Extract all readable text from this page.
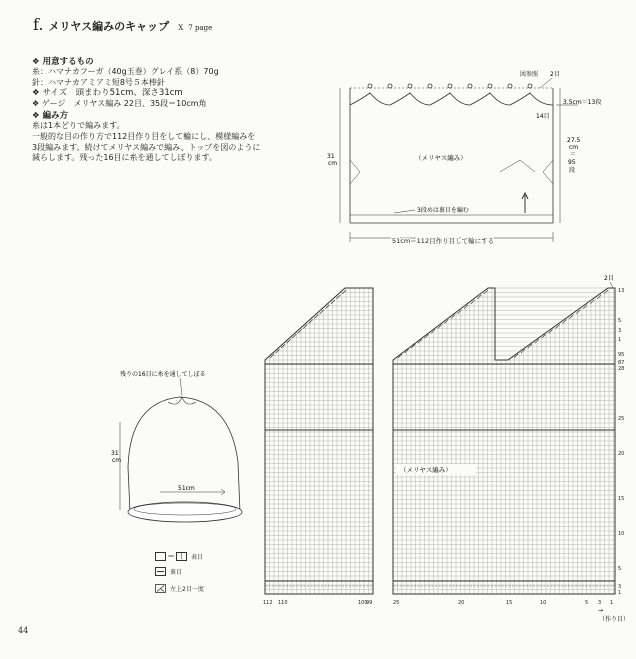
f. メリヤス編みのキャップ Ⅹ 7 page
❖ 用意するもの
糸：ハマナカフーガ（40g玉巻）グレイ系（8）70g
針：ハマナカアミアミ短8号５本棒針
❖ サイズ　頭まわり51cm、深さ31cm
❖ ゲージ　メリヤス編み 22目、35段＝10cm角
❖ 編み方
糸は1本どりで編みます。
一般的な目の作り方で112目作り目をして輪にし、模様編みを
3段編みます。続けてメリヤス編みで編み、トップを図のように
減らします。残った16目に糸を通してしぼります。
図参照 2目
14目
3.5cm＝13段
27.5
cm
＝
95
段
31
cm
（メリヤス編み）
3段めは裏目を編む
51cm＝112目作り目して輪にする
残りの16目に糸を通してしぼる
31
cm
51cm
＝ |	表目
裏目
左上2目一度
13
5
3
1
95
87
28
25
20
15
10
5
3
1
112 110	100
99	25	20	15	10	5 3 1
2目
（メリヤス編み）
→
（作り目）
44
